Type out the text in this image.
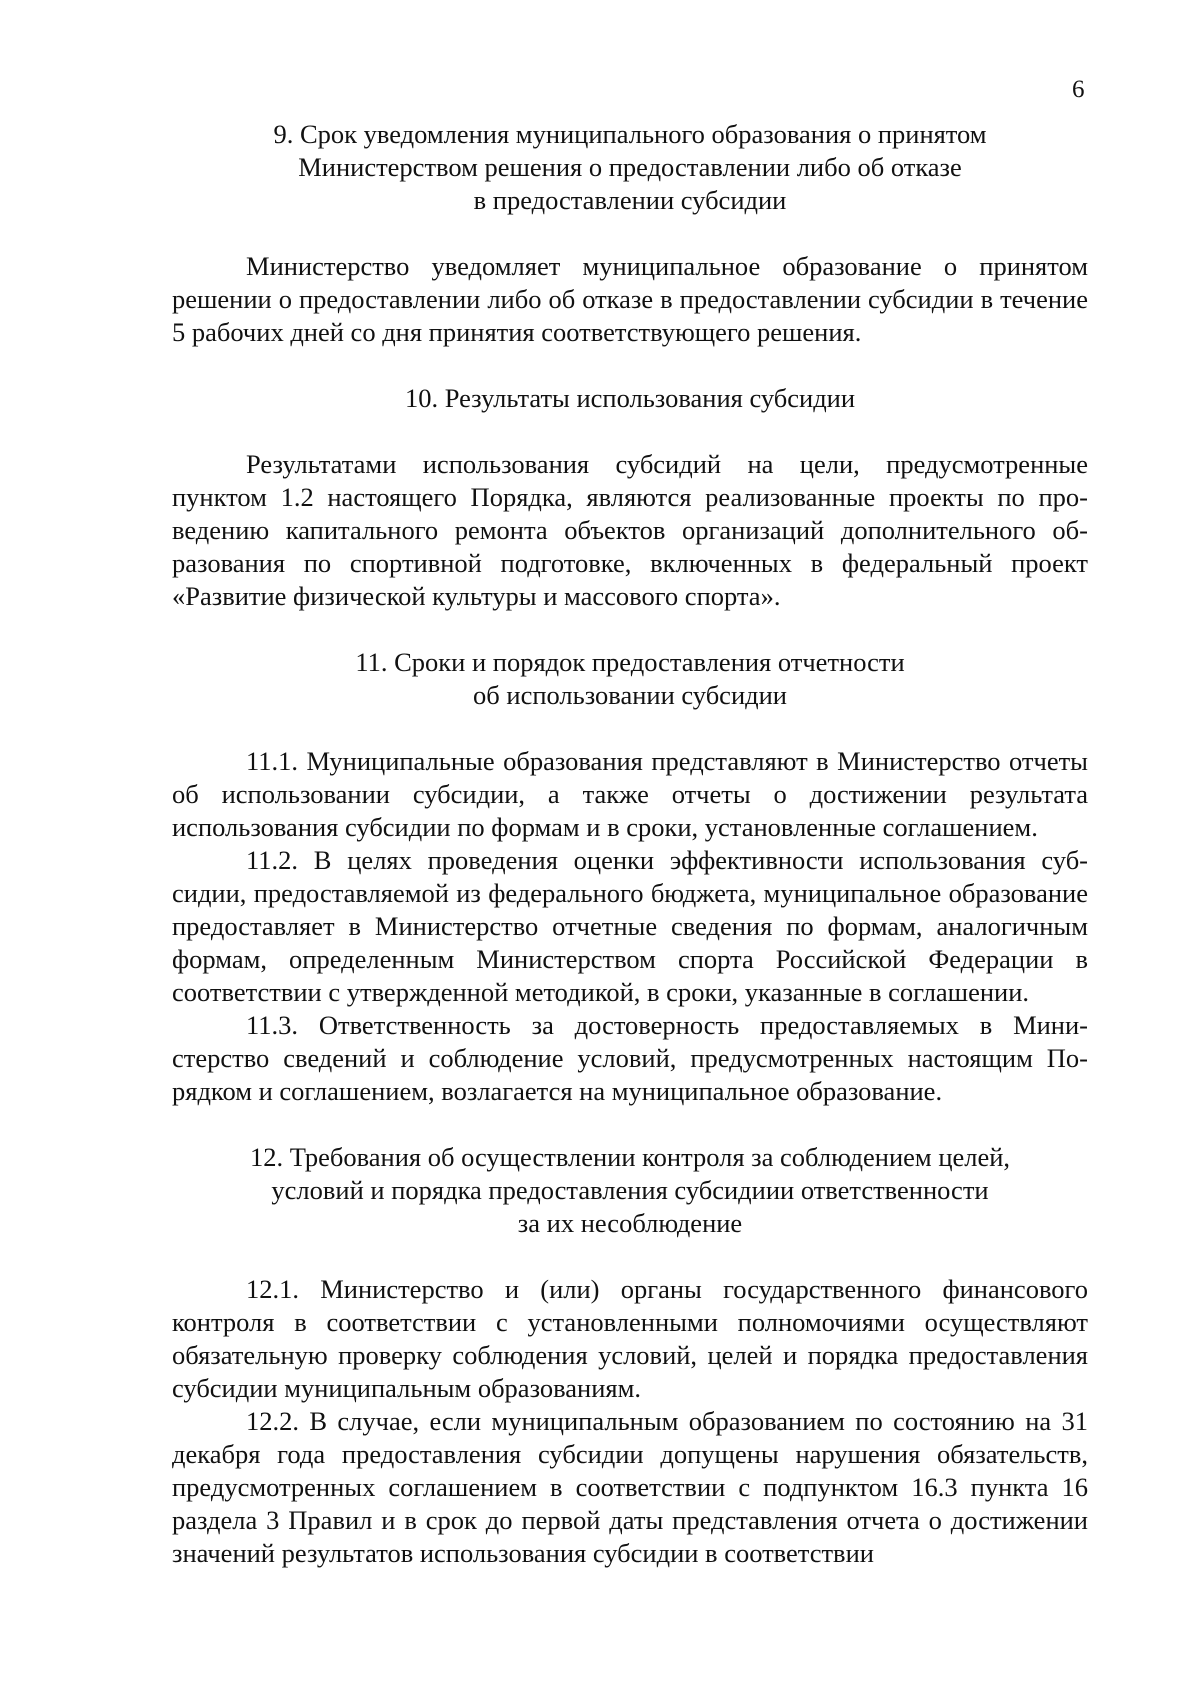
6
9. Срок уведомления муниципального образования о принятом
Министерством решения о предоставлении либо об отказе
в предоставлении субсидии

Министерство уведомляет муниципальное образование о принятом решении о предоставлении либо об отказе в предоставлении субсидии в течение 5 рабочих дней со дня принятия соответствующего решения.

10. Результаты использования субсидии

Результатами использования субсидий на цели, предусмотренные пунктом 1.2 настоящего Порядка, являются реализованные проекты по проведению капитального ремонта объектов организаций дополнительного образования по спортивной подготовке, включенных в федеральный проект «Развитие физической культуры и массового спорта».

11. Сроки и порядок предоставления отчетности
об использовании субсидии

11.1. Муниципальные образования представляют в Министерство отчеты об использовании субсидии, а также отчеты о достижении результата использования субсидии по формам и в сроки, установленные соглашением.

11.2. В целях проведения оценки эффективности использования субсидии, предоставляемой из федерального бюджета, муниципальное образование предоставляет в Министерство отчетные сведения по формам, аналогичным формам, определенным Министерством спорта Российской Федерации в соответствии с утвержденной методикой, в сроки, указанные в соглашении.

11.3. Ответственность за достоверность предоставляемых в Министерство сведений и соблюдение условий, предусмотренных настоящим Порядком и соглашением, возлагается на муниципальное образование.

12. Требования об осуществлении контроля за соблюдением целей,
условий и порядка предоставления субсидиии ответственности
за их несоблюдение

12.1. Министерство и (или) органы государственного финансового контроля в соответствии с установленными полномочиями осуществляют обязательную проверку соблюдения условий, целей и порядка предоставления субсидии муниципальным образованиям.

12.2. В случае, если муниципальным образованием по состоянию на 31 декабря года предоставления субсидии допущены нарушения обязательств, предусмотренных соглашением в соответствии с подпунктом 16.3 пункта 16 раздела 3 Правил и в срок до первой даты представления отчета о достижении значений результатов использования субсидии в соответствии
